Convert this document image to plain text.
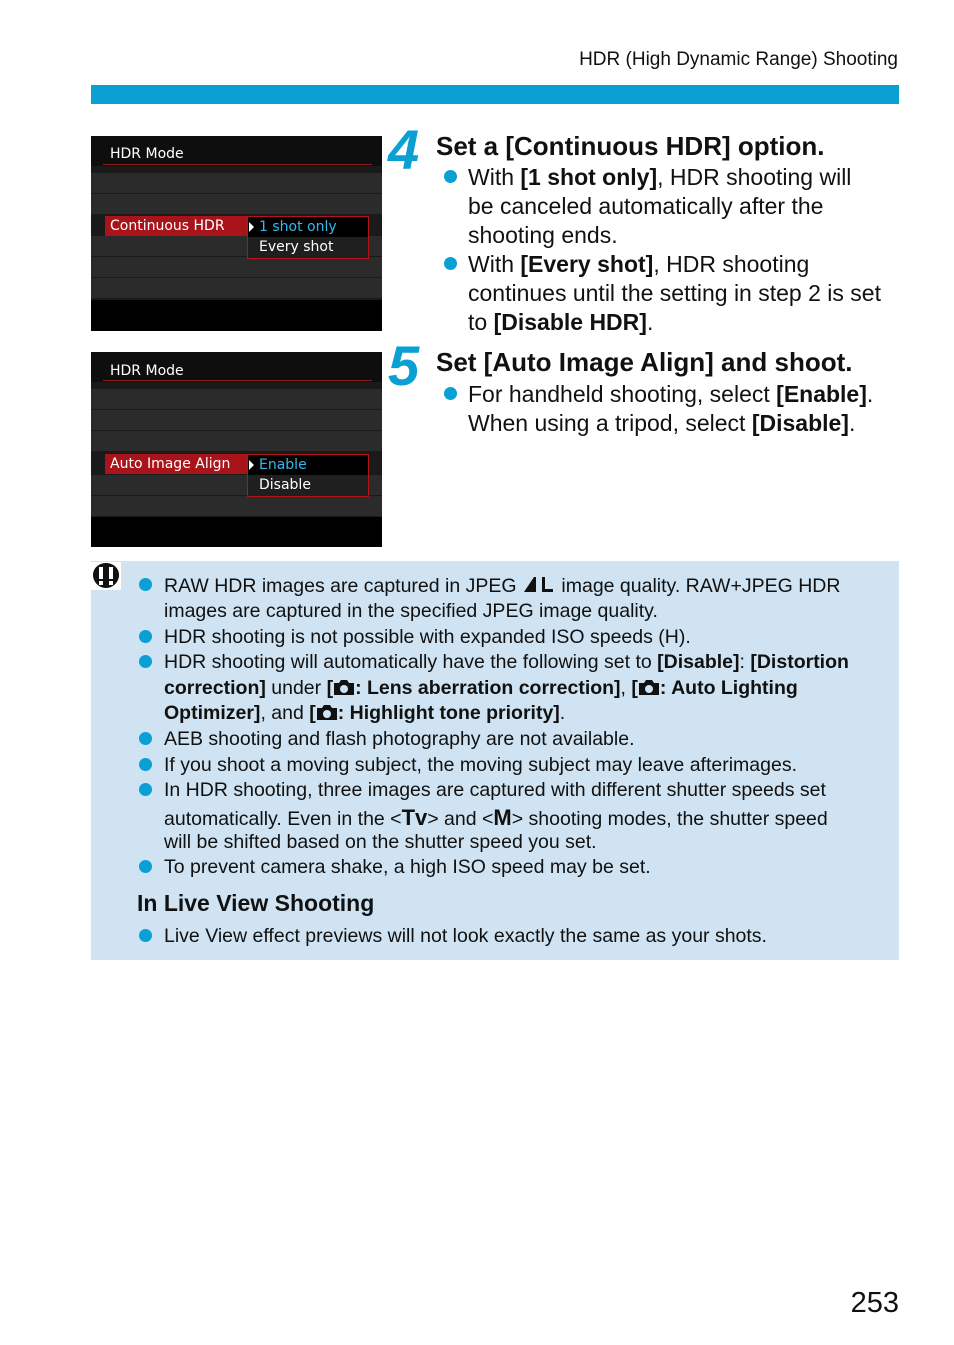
HDR (High Dynamic Range) Shooting
HDR Mode
Continuous HDR 1 shot only
Every shot
HDR Mode
Auto Image Align Enable
Disable
4 Set a [Continuous HDR] option.
With [1 shot only], HDR shooting will
be canceled automatically after the
shooting ends.
With [Every shot], HDR shooting
continues until the setting in step 2 is set
to [Disable HDR].
5 Set [Auto Image Align] and shoot.
For handheld shooting, select [Enable].
When using a tripod, select [Disable].
RAW HDR images are captured in JPEG  image quality. RAW+JPEG HDR
images are captured in the specified JPEG image quality.
HDR shooting is not possible with expanded ISO speeds (H).
HDR shooting will automatically have the following set to [Disable]: [Distortion
correction] under [ : Lens aberration correction], [ : Auto Lighting
Optimizer], and [ : Highlight tone priority].
AEB shooting and flash photography are not available.
If you shoot a moving subject, the moving subject may leave afterimages.
In HDR shooting, three images are captured with different shutter speeds set
automatically. Even in the <Tv> and <M> shooting modes, the shutter speed
will be shifted based on the shutter speed you set.
To prevent camera shake, a high ISO speed may be set.
In Live View Shooting
Live View effect previews will not look exactly the same as your shots.
253
